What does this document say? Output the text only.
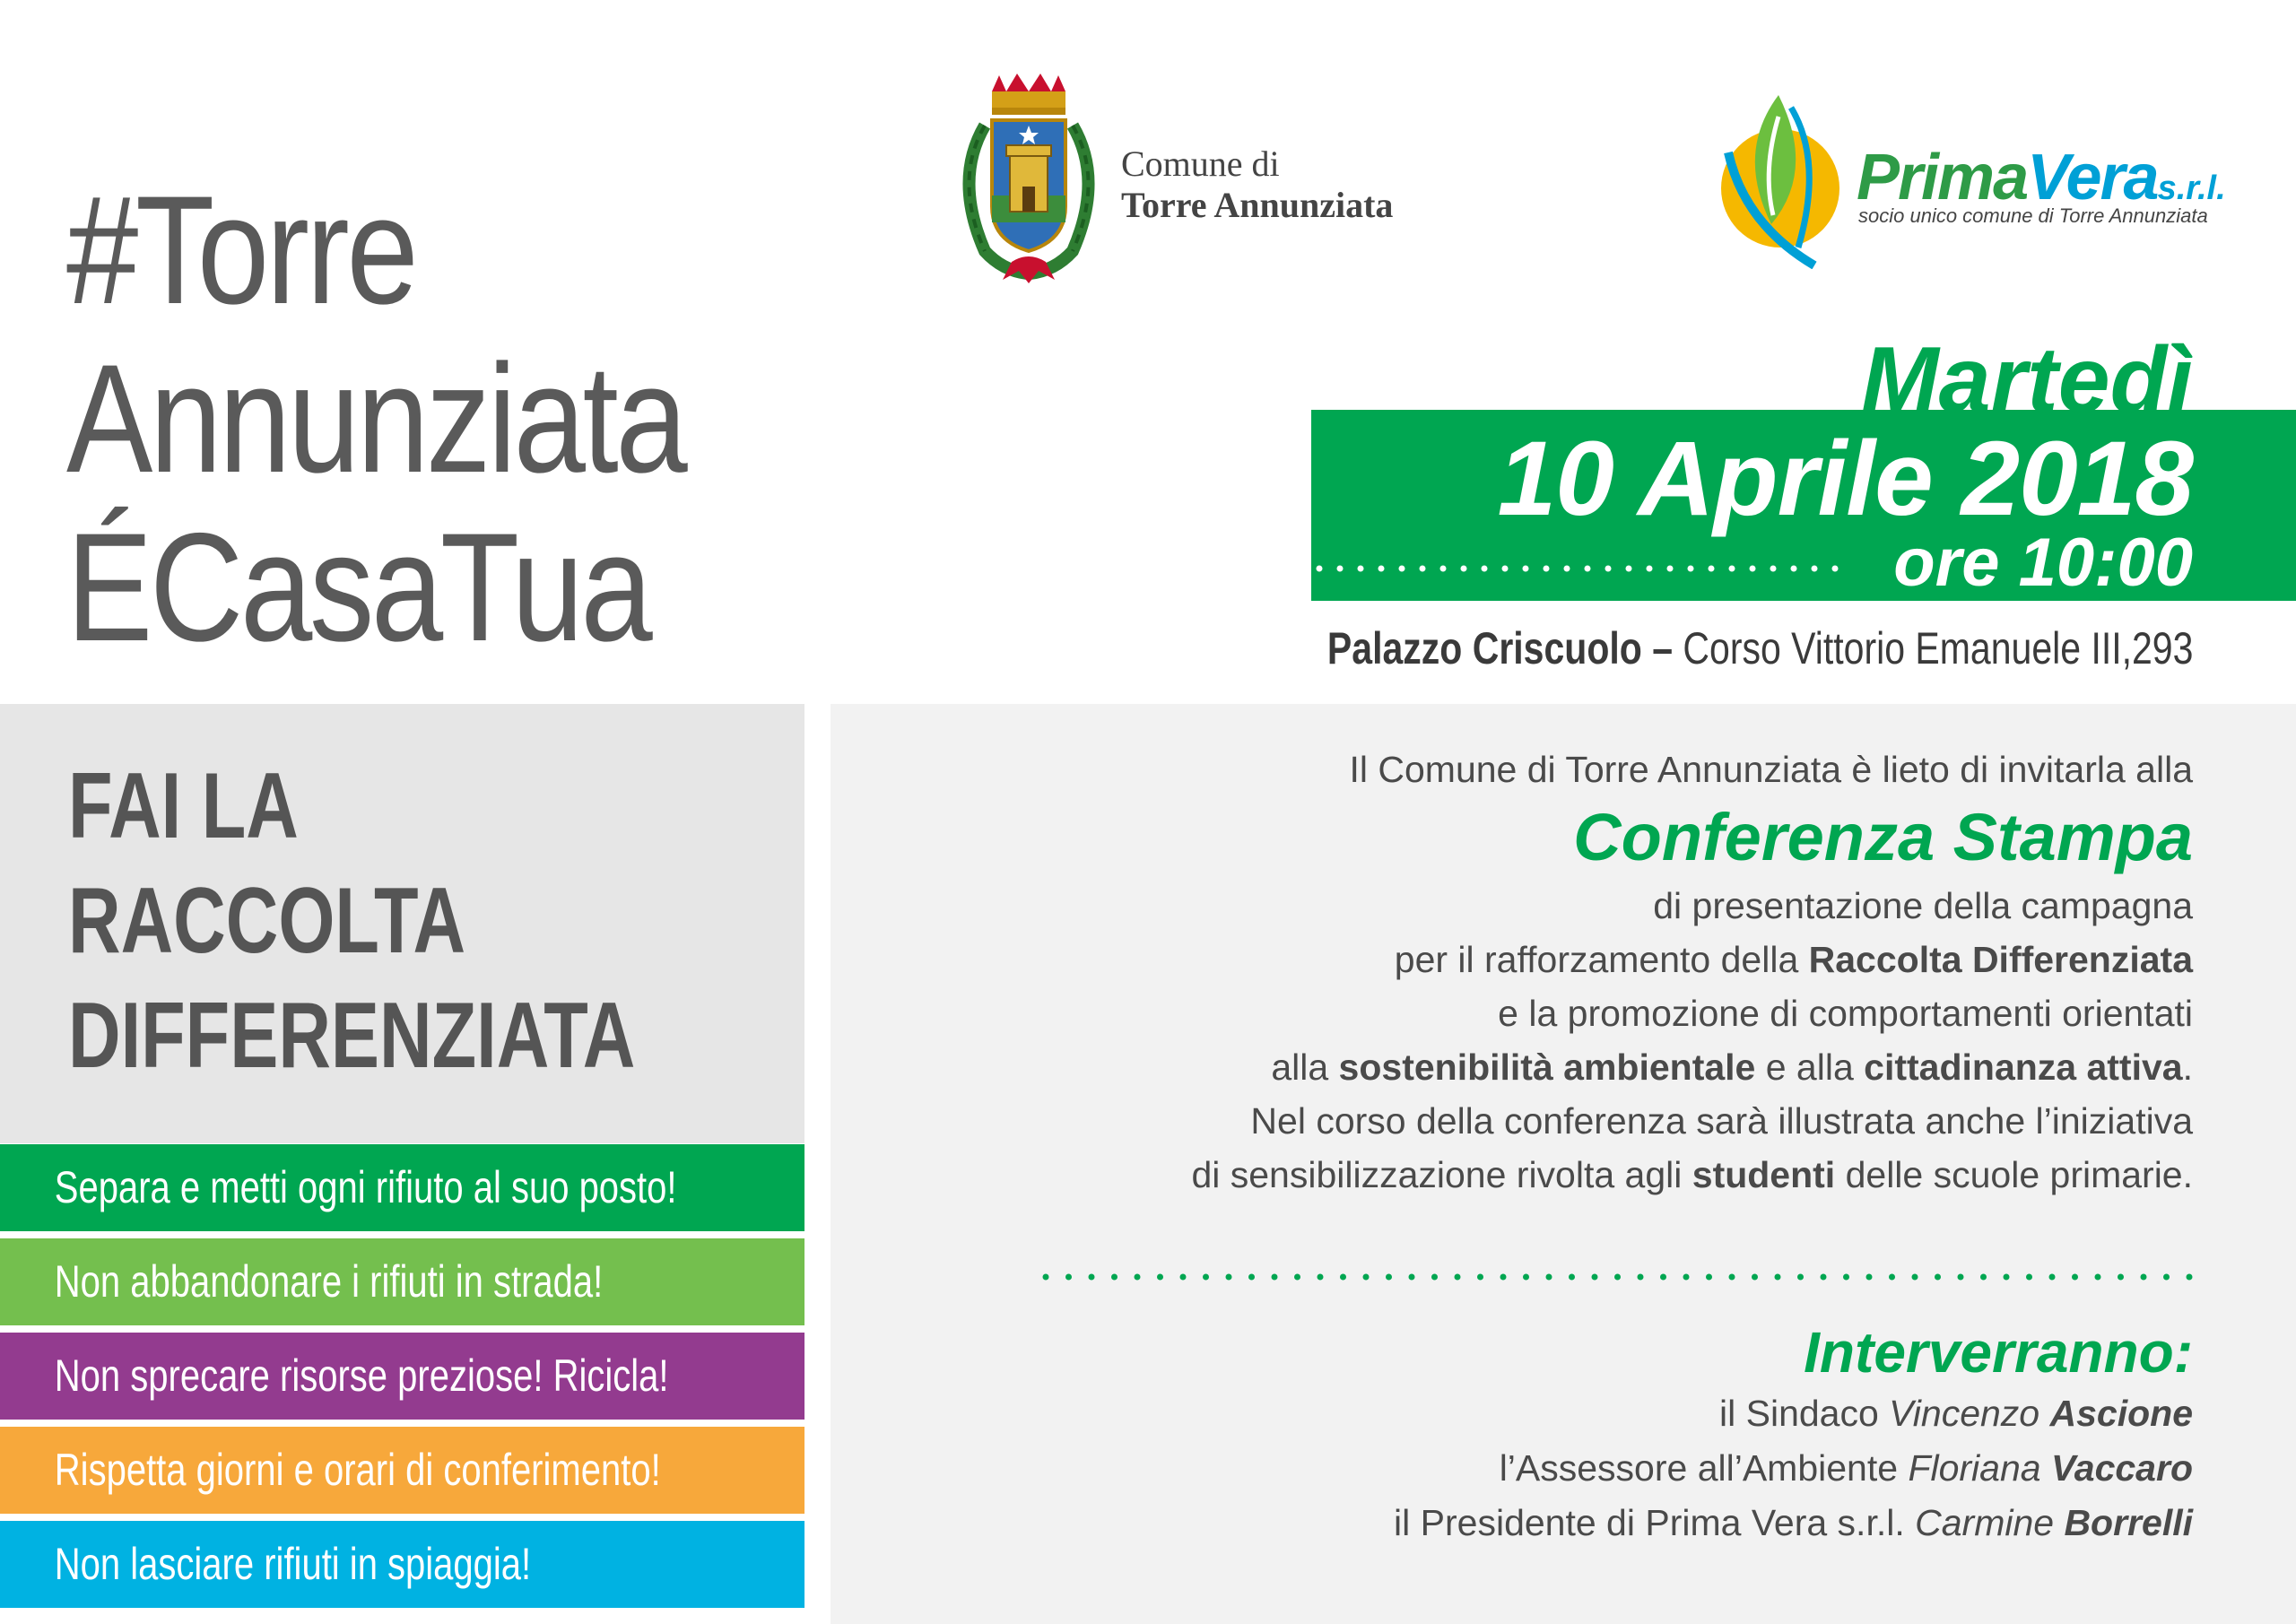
#Torre
Annunziata
ÉCasaTua
Comune di
Torre Annunziata	PrimaVeras.r.l.
socio unico comune di Torre Annunziata
Martedì
10 Aprile 2018
ore 10:00
Palazzo Criscuolo – Corso Vittorio Emanuele III,293
FAI LA
RACCOLTA
DIFFERENZIATA
Separa e metti ogni rifiuto al suo posto!
Non abbandonare i rifiuti in strada!
Non sprecare risorse preziose! Ricicla!
Rispetta giorni e orari di conferimento!
Non lasciare rifiuti in spiaggia!
Il Comune di Torre Annunziata è lieto di invitarla alla
Conferenza Stampa
di presentazione della campagna
per il rafforzamento della Raccolta Differenziata
e la promozione di comportamenti orientati
alla sostenibilità ambientale e alla cittadinanza attiva.
Nel corso della conferenza sarà illustrata anche l’iniziativa
di sensibilizzazione rivolta agli studenti delle scuole primarie.
Interverranno:
il Sindaco Vincenzo Ascione
l’Assessore all’Ambiente Floriana Vaccaro
il Presidente di Prima Vera s.r.l. Carmine Borrelli
